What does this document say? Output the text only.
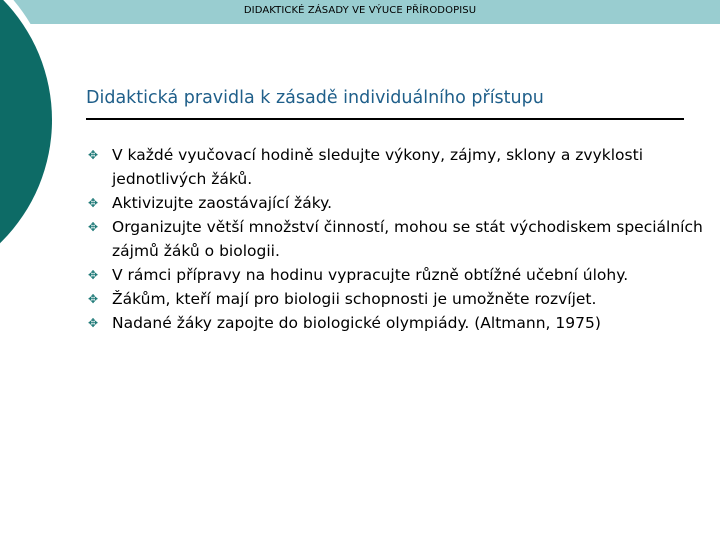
DIDAKTICKÉ ZÁSADY VE VÝUCE PŘÍRODOPISU
Didaktická pravidla k zásadě individuálního přístupu
✥ V každé vyučovací hodině sledujte výkony, zájmy, sklony a zvyklosti jednotlivých žáků.
✥ Aktivizujte zaostávající žáky.
✥ Organizujte větší množství činností, mohou se stát východiskem speciálních zájmů žáků o biologii.
✥ V rámci přípravy na hodinu vypracujte různě obtížné učební úlohy.
✥ Žákům, kteří mají pro biologii schopnosti je umožněte rozvíjet.
✥ Nadané žáky zapojte do biologické olympiády. (Altmann, 1975)
